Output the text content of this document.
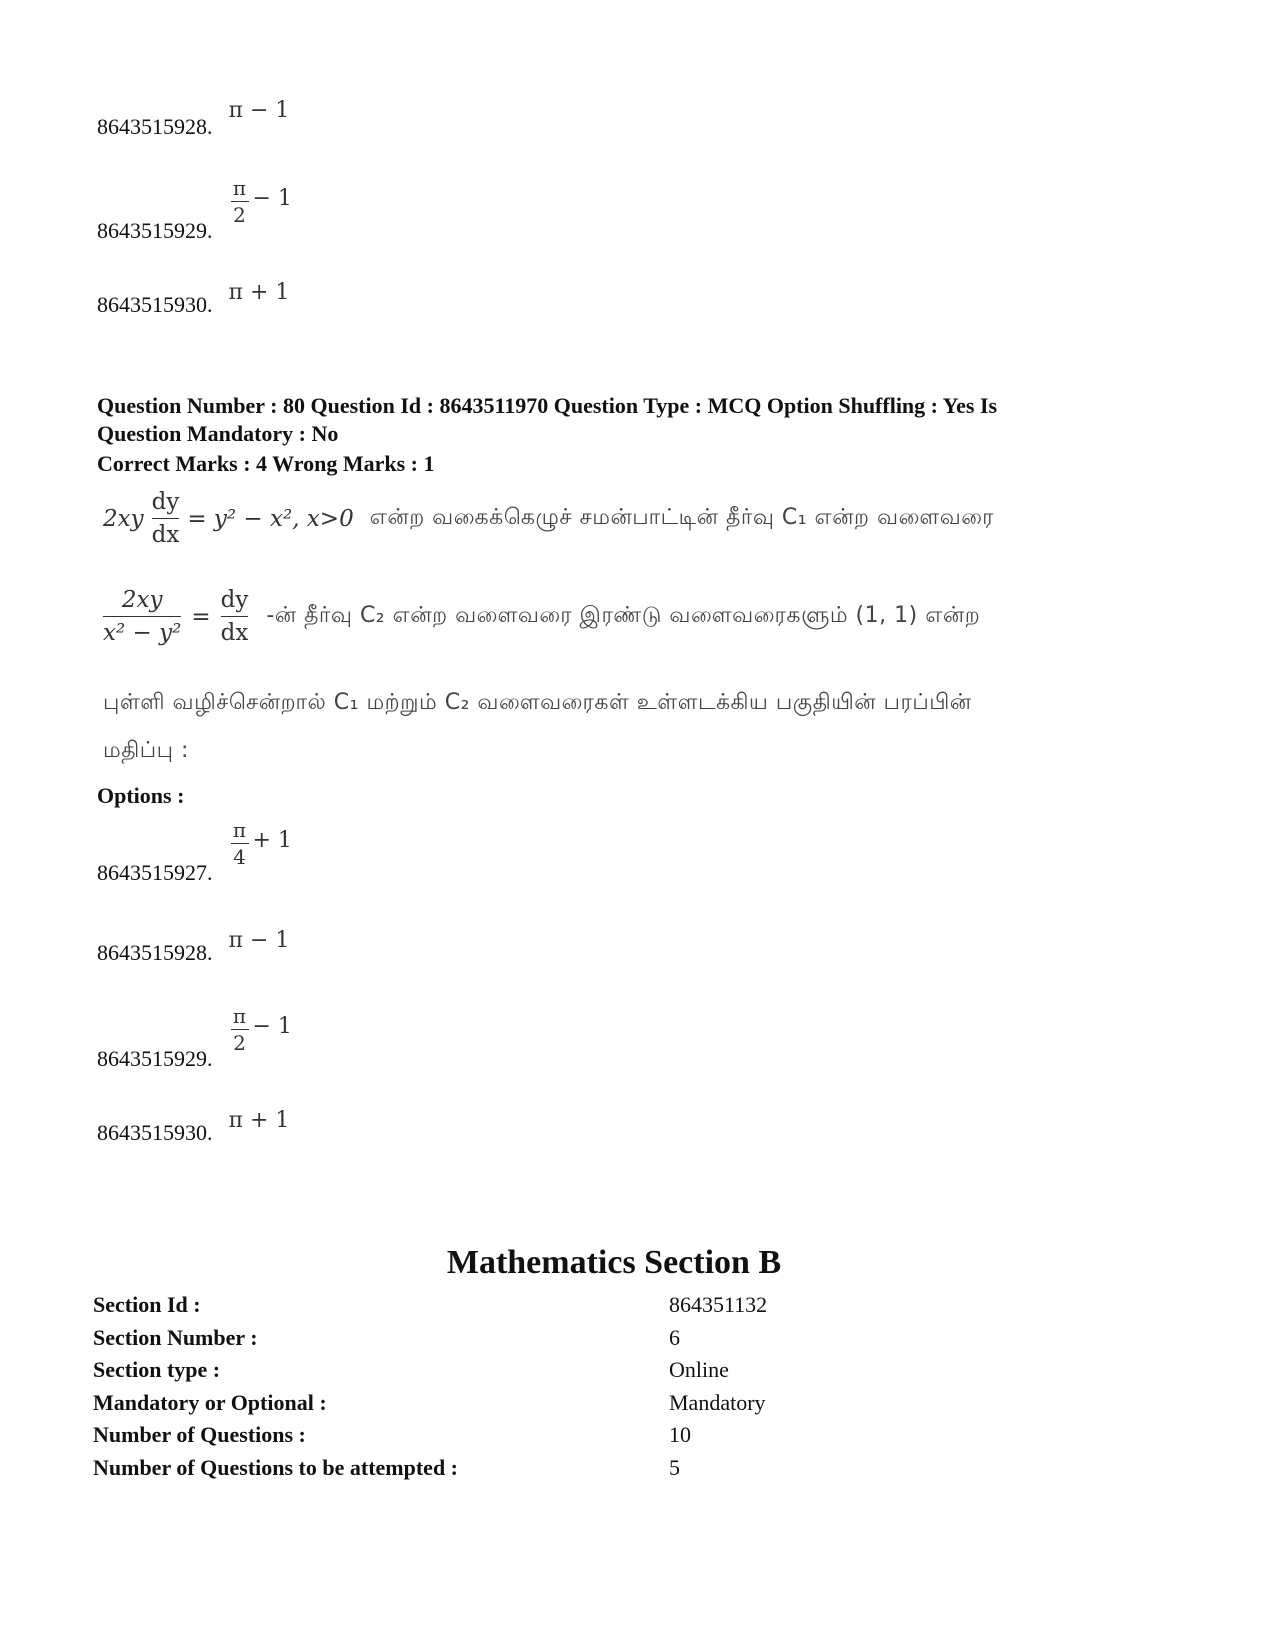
8643515928. π − 1
8643515929.
$\frac{\pi}{2} - 1$
8643515930. π + 1
Question Number : 80 Question Id : 8643511970 Question Type : MCQ Option Shuffling : Yes Is
Question Mandatory : No
Correct Marks : 4 Wrong Marks : 1
2xy
dy
dx
= y² − x², x>0 என்ற வகைக்கெழுச் சமன்பாட்டின் தீர்வு C₁ என்ற வளைவரை
2xy
x² − y²
=
dy
dx
-ன் தீர்வு C₂ என்ற வளைவரை இரண்டு வளைவரைகளும் (1, 1) என்ற
புள்ளி வழிச்சென்றால் C₁ மற்றும் C₂ வளைவரைகள் உள்ளடக்கிய பகுதியின் பரப்பின்
மதிப்பு :
Options :
8643515927.
$\frac{\pi}{4} + 1$
8643515928. π − 1
8643515929.
$\frac{\pi}{2} - 1$
8643515930. π + 1
Mathematics Section B
Section Id :	864351132
Section Number :	6
Section type :	Online
Mandatory or Optional :	Mandatory
Number of Questions :	10
Number of Questions to be attempted :	5
